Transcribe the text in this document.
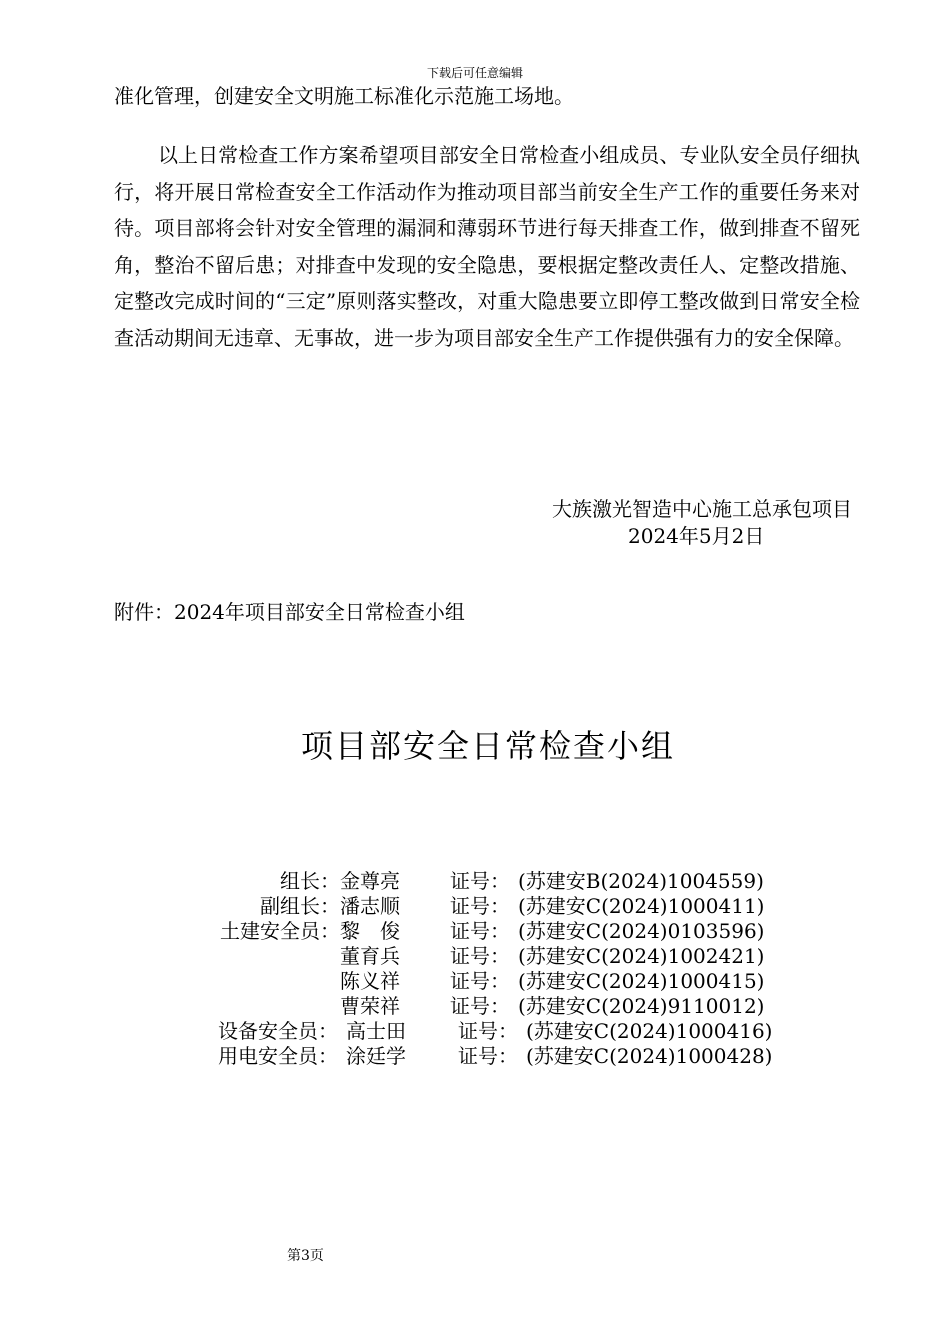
下载后可任意编辑

准化管理，创建安全文明施工标准化示范施工场地。

以上日常检查工作方案希望项目部安全日常检查小组成员、专业队安全员仔细执行，将开展日常检查安全工作活动作为推动项目部当前安全生产工作的重要任务来对待。项目部将会针对安全管理的漏洞和薄弱环节进行每天排查工作，做到排查不留死角，整治不留后患；对排查中发现的安全隐患，要根据定整改责任人、定整改措施、定整改完成时间的“三定”原则落实整改，对重大隐患要立即停工整改做到日常安全检查活动期间无违章、无事故，进一步为项目部安全生产工作提供强有力的安全保障。

大族激光智造中心施工总承包项目
2024年5月2日
附件：2024年项目部安全日常检查小组
项目部安全日常检查小组
组长： 金尊亮	证号： (苏建安B(2024)1004559)
副组长： 潘志顺	证号： (苏建安C(2024)1000411)
土建安全员： 黎　俊	证号： (苏建安C(2024)0103596)
董育兵	证号： (苏建安C(2024)1002421)
陈义祥	证号： (苏建安C(2024)1000415)
曹荣祥	证号： (苏建安C(2024)9110012)
设备安全员： 高士田	证号： (苏建安C(2024)1000416)
用电安全员： 涂廷学	证号： (苏建安C(2024)1000428)
第3页
